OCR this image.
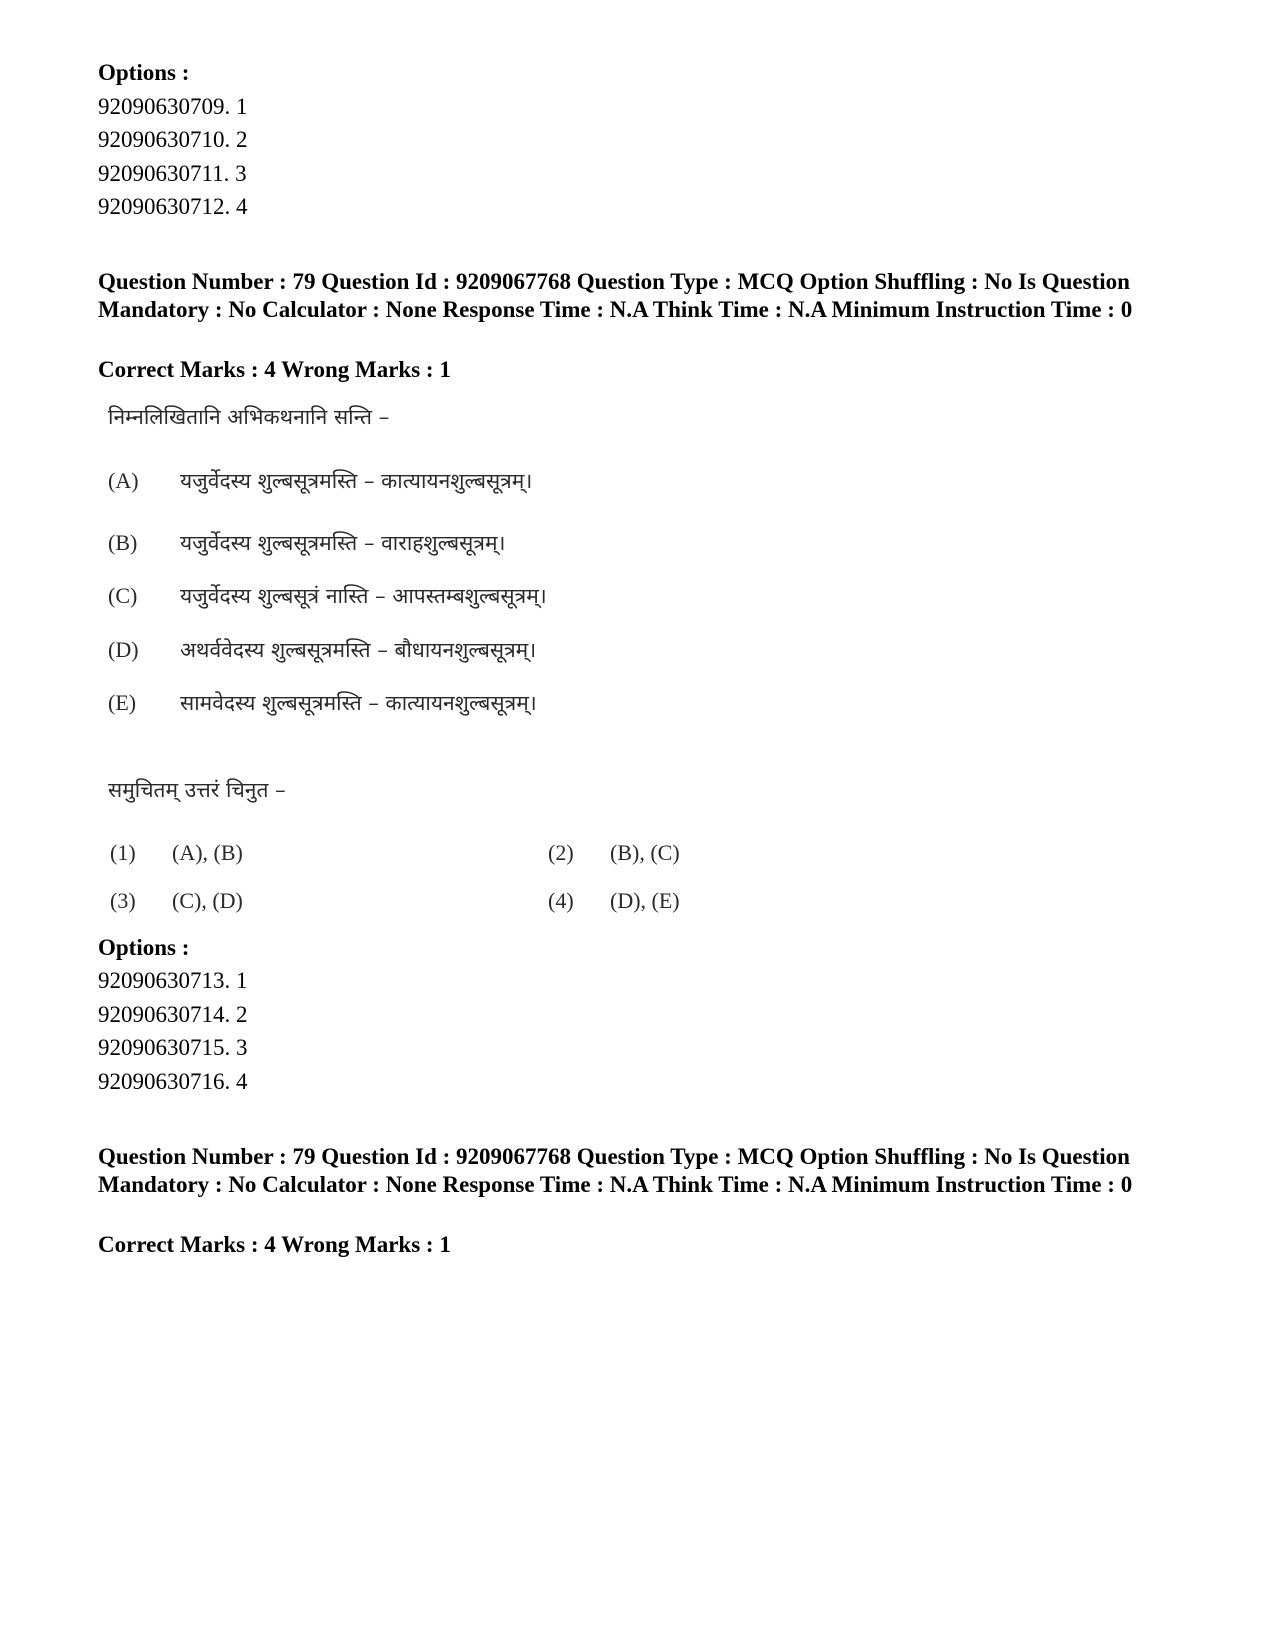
Options :
92090630709. 1
92090630710. 2
92090630711. 3
92090630712. 4
Question Number : 79 Question Id : 9209067768 Question Type : MCQ Option Shuffling : No Is Question Mandatory : No Calculator : None Response Time : N.A Think Time : N.A Minimum Instruction Time : 0
Correct Marks : 4 Wrong Marks : 1
निम्नलिखितानि अभिकथनानि सन्ति –
(A) यजुर्वेदस्य शुल्बसूत्रमस्ति – कात्यायनशुल्बसूत्रम्।
(B) यजुर्वेदस्य शुल्बसूत्रमस्ति – वाराहशुल्बसूत्रम्।
(C) यजुर्वेदस्य शुल्बसूत्रं नास्ति – आपस्तम्बशुल्बसूत्रम्।
(D) अथर्ववेदस्य शुल्बसूत्रमस्ति – बौधायनशुल्बसूत्रम्।
(E) सामवेदस्य शुल्बसूत्रमस्ति – कात्यायनशुल्बसूत्रम्।
समुचितम् उत्तरं चिनुत –
(1) (A), (B)	(2) (B), (C)
(3) (C), (D)	(4) (D), (E)
Options :
92090630713. 1
92090630714. 2
92090630715. 3
92090630716. 4
Question Number : 79 Question Id : 9209067768 Question Type : MCQ Option Shuffling : No Is Question Mandatory : No Calculator : None Response Time : N.A Think Time : N.A Minimum Instruction Time : 0
Correct Marks : 4 Wrong Marks : 1
